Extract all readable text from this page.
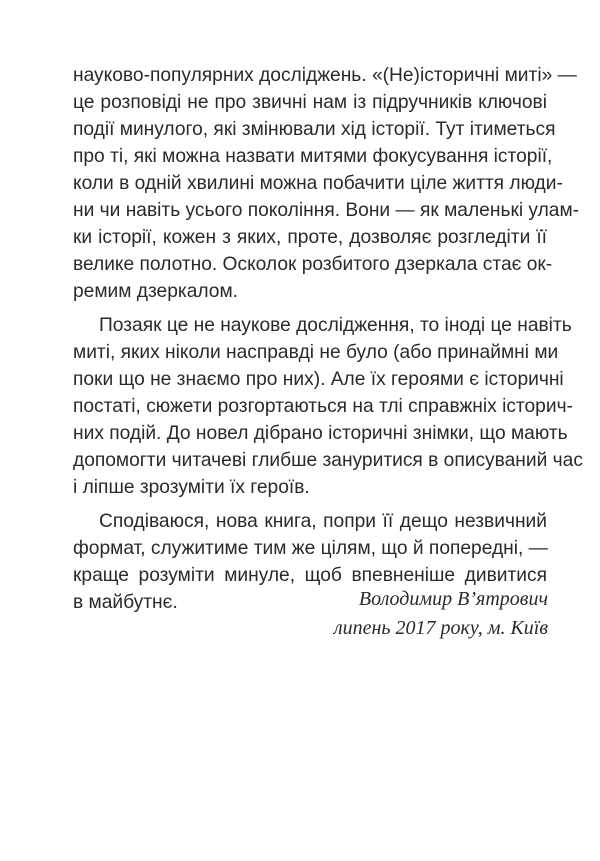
науково-популярних досліджень. «(Не)історичні миті» —
це розповіді не про звичні нам із підручників ключові
події минулого, які змінювали хід історії. Тут ітиметься
про ті, які можна назвати митями фокусування історії,
коли в одній хвилині можна побачити ціле життя люди-
ни чи навіть усього покоління. Вони — як маленькі улам-
ки історії, кожен з яких, проте, дозволяє розгледіти її
велике полотно. Осколок розбитого дзеркала стає ок-
ремим дзеркалом.
Позаяк це не наукове дослідження, то іноді це навіть
миті, яких ніколи насправді не було (або принаймні ми
поки що не знаємо про них). Але їх героями є історичні
постаті, сюжети розгортаються на тлі справжніх історич-
них подій. До новел дібрано історичні знімки, що мають
допомогти читачеві глибше зануритися в описуваний час
і ліпше зрозуміти їх героїв.
Сподіваюся, нова книга, попри її дещо незвичний
формат, служитиме тим же цілям, що й попередні, —
краще розуміти минуле, щоб впевненіше дивитися
в майбутнє.	Володимир В’ятрович
липень 2017 року, м. Київ
